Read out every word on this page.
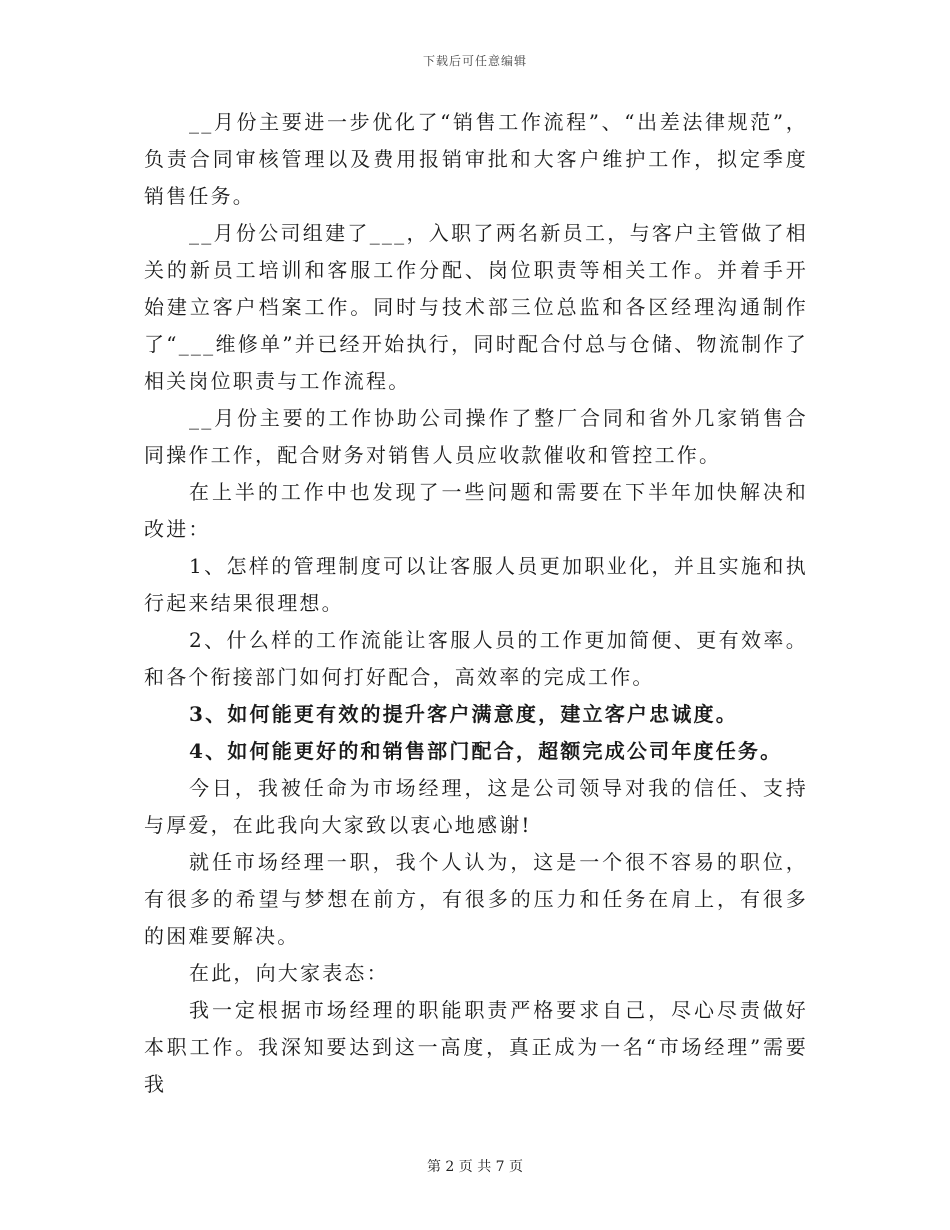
下载后可任意编辑

__月份主要进一步优化了“销售工作流程”、“出差法律规范”，负责合同审核管理以及费用报销审批和大客户维护工作，拟定季度销售任务。

__月份公司组建了___，入职了两名新员工，与客户主管做了相关的新员工培训和客服工作分配、岗位职责等相关工作。并着手开始建立客户档案工作。同时与技术部三位总监和各区经理沟通制作了“___维修单”并已经开始执行，同时配合付总与仓储、物流制作了相关岗位职责与工作流程。

__月份主要的工作协助公司操作了整厂合同和省外几家销售合同操作工作，配合财务对销售人员应收款催收和管控工作。

在上半的工作中也发现了一些问题和需要在下半年加快解决和改进：

1、怎样的管理制度可以让客服人员更加职业化，并且实施和执行起来结果很理想。

2、什么样的工作流能让客服人员的工作更加简便、更有效率。和各个衔接部门如何打好配合，高效率的完成工作。

3、如何能更有效的提升客户满意度，建立客户忠诚度。

4、如何能更好的和销售部门配合，超额完成公司年度任务。

今日，我被任命为市场经理，这是公司领导对我的信任、支持与厚爱，在此我向大家致以衷心地感谢!

就任市场经理一职，我个人认为，这是一个很不容易的职位，有很多的希望与梦想在前方，有很多的压力和任务在肩上，有很多的困难要解决。

在此，向大家表态：

我一定根据市场经理的职能职责严格要求自己，尽心尽责做好本职工作。我深知要达到这一高度，真正成为一名“市场经理”需要我

第 2 页 共 7 页
